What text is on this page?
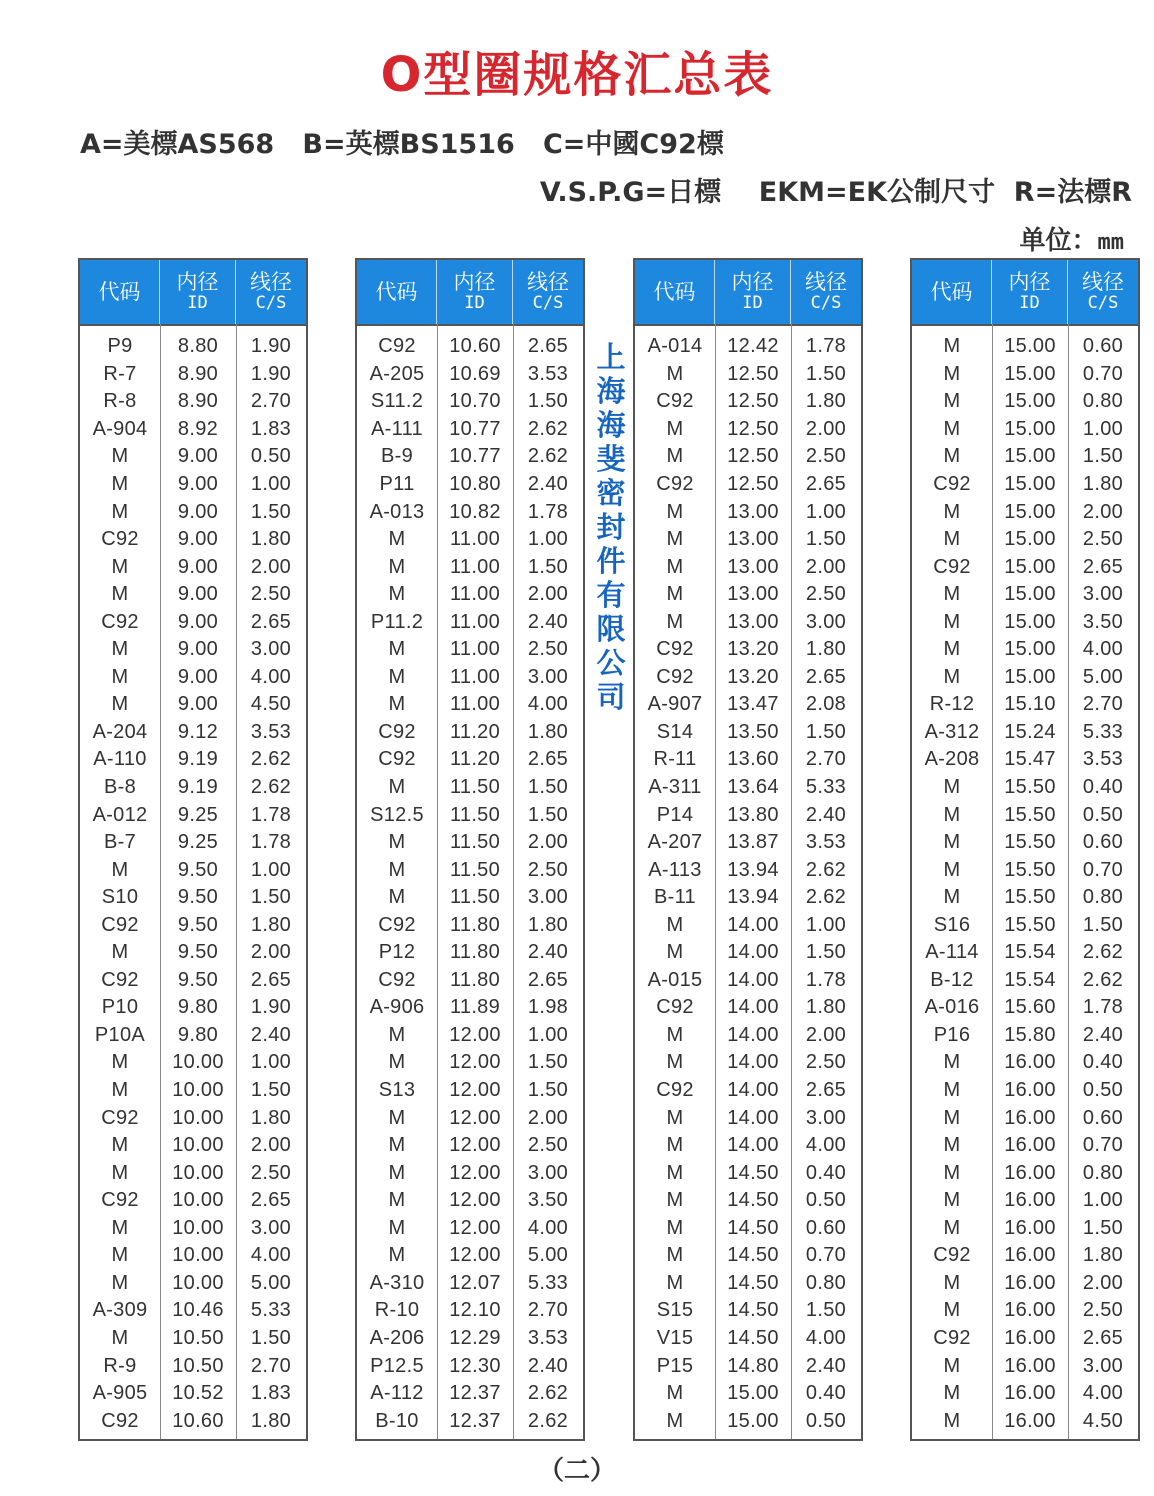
O型圈规格汇总表
A=美標AS568   B=英標BS1516   C=中國C92標
V.S.P.G=日標    EKM=EK公制尺寸  R=法標R
单位：mm
代码 内径
ID
线径
C/S
P9	8.80	1.90
R-7	8.90	1.90
R-8	8.90	2.70
A-904	8.92	1.83
M	9.00	0.50
M	9.00	1.00
M	9.00	1.50
C92	9.00	1.80
M	9.00	2.00
M	9.00	2.50
C92	9.00	2.65
M	9.00	3.00
M	9.00	4.00
M	9.00	4.50
A-204	9.12	3.53
A-110	9.19	2.62
B-8	9.19	2.62
A-012	9.25	1.78
B-7	9.25	1.78
M	9.50	1.00
S10	9.50	1.50
C92	9.50	1.80
M	9.50	2.00
C92	9.50	2.65
P10	9.80	1.90
P10A	9.80	2.40
M	10.00	1.00
M	10.00	1.50
C92	10.00	1.80
M	10.00	2.00
M	10.00	2.50
C92	10.00	2.65
M	10.00	3.00
M	10.00	4.00
M	10.00	5.00
A-309	10.46	5.33
M	10.50	1.50
R-9	10.50	2.70
A-905	10.52	1.83
C92	10.60	1.80
代码 内径
ID
线径
C/S
C92	10.60	2.65
A-205	10.69	3.53
S11.2	10.70	1.50
A-111	10.77	2.62
B-9	10.77	2.62
P11	10.80	2.40
A-013	10.82	1.78
M	11.00	1.00
M	11.00	1.50
M	11.00	2.00
P11.2	11.00	2.40
M	11.00	2.50
M	11.00	3.00
M	11.00	4.00
C92	11.20	1.80
C92	11.20	2.65
M	11.50	1.50
S12.5	11.50	1.50
M	11.50	2.00
M	11.50	2.50
M	11.50	3.00
C92	11.80	1.80
P12	11.80	2.40
C92	11.80	2.65
A-906	11.89	1.98
M	12.00	1.00
M	12.00	1.50
S13	12.00	1.50
M	12.00	2.00
M	12.00	2.50
M	12.00	3.00
M	12.00	3.50
M	12.00	4.00
M	12.00	5.00
A-310	12.07	5.33
R-10	12.10	2.70
A-206	12.29	3.53
P12.5	12.30	2.40
A-112	12.37	2.62
B-10	12.37	2.62
代码 内径
ID
线径
C/S
A-014	12.42	1.78
M	12.50	1.50
C92	12.50	1.80
M	12.50	2.00
M	12.50	2.50
C92	12.50	2.65
M	13.00	1.00
M	13.00	1.50
M	13.00	2.00
M	13.00	2.50
M	13.00	3.00
C92	13.20	1.80
C92	13.20	2.65
A-907	13.47	2.08
S14	13.50	1.50
R-11	13.60	2.70
A-311	13.64	5.33
P14	13.80	2.40
A-207	13.87	3.53
A-113	13.94	2.62
B-11	13.94	2.62
M	14.00	1.00
M	14.00	1.50
A-015	14.00	1.78
C92	14.00	1.80
M	14.00	2.00
M	14.00	2.50
C92	14.00	2.65
M	14.00	3.00
M	14.00	4.00
M	14.50	0.40
M	14.50	0.50
M	14.50	0.60
M	14.50	0.70
M	14.50	0.80
S15	14.50	1.50
V15	14.50	4.00
P15	14.80	2.40
M	15.00	0.40
M	15.00	0.50
代码 内径
ID
线径
C/S
M	15.00	0.60
M	15.00	0.70
M	15.00	0.80
M	15.00	1.00
M	15.00	1.50
C92	15.00	1.80
M	15.00	2.00
M	15.00	2.50
C92	15.00	2.65
M	15.00	3.00
M	15.00	3.50
M	15.00	4.00
M	15.00	5.00
R-12	15.10	2.70
A-312	15.24	5.33
A-208	15.47	3.53
M	15.50	0.40
M	15.50	0.50
M	15.50	0.60
M	15.50	0.70
M	15.50	0.80
S16	15.50	1.50
A-114	15.54	2.62
B-12	15.54	2.62
A-016	15.60	1.78
P16	15.80	2.40
M	16.00	0.40
M	16.00	0.50
M	16.00	0.60
M	16.00	0.70
M	16.00	0.80
M	16.00	1.00
M	16.00	1.50
C92	16.00	1.80
M	16.00	2.00
M	16.00	2.50
C92	16.00	2.65
M	16.00	3.00
M	16.00	4.00
M	16.00	4.50
上
海
海
斐
密
封
件
有
限
公
司
（二）
